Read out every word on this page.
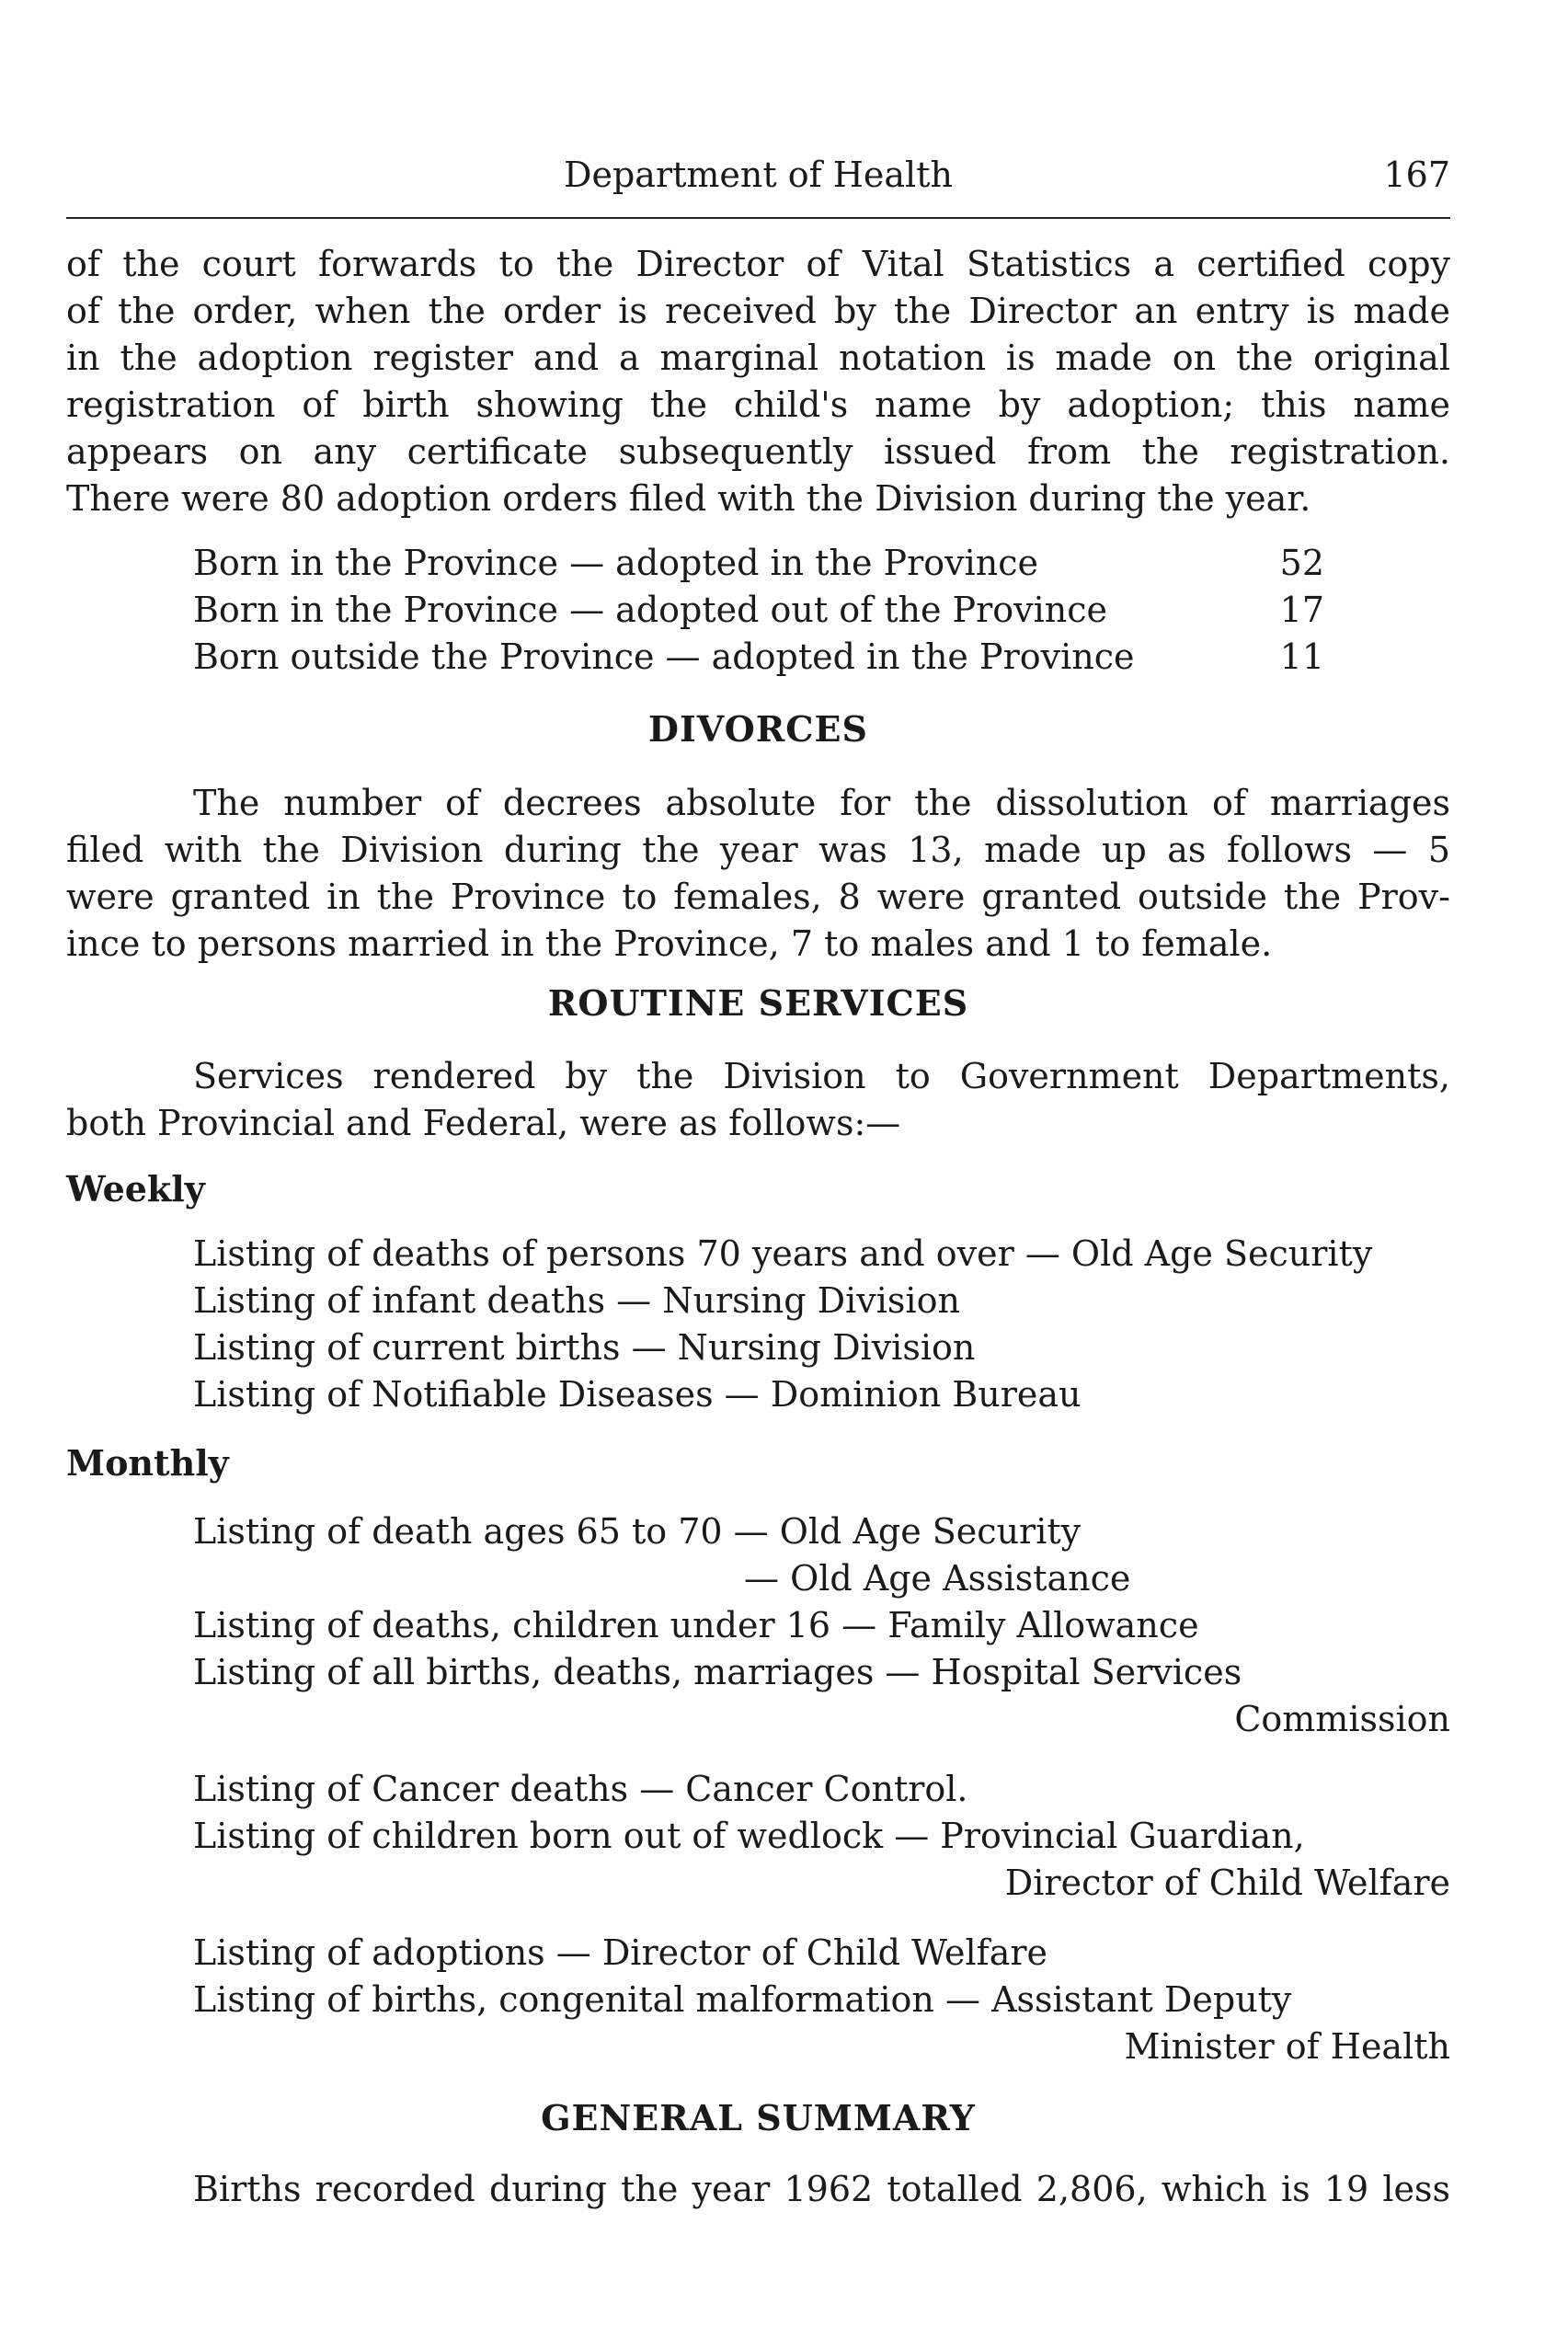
Department of Health	167
of the court forwards to the Director of Vital Statistics a certified copy
of the order, when the order is received by the Director an entry is made
in the adoption register and a marginal notation is made on the original
registration of birth showing the child's name by adoption; this name
appears on any certificate subsequently issued from the registration.
There were 80 adoption orders filed with the Division during the year.
Born in the Province — adopted in the Province	52
Born in the Province — adopted out of the Province	17
Born outside the Province — adopted in the Province	11
DIVORCES
The number of decrees absolute for the dissolution of marriages
filed with the Division during the year was 13, made up as follows — 5
were granted in the Province to females, 8 were granted outside the Prov-
ince to persons married in the Province, 7 to males and 1 to female.
ROUTINE SERVICES
Services rendered by the Division to Government Departments,
both Provincial and Federal, were as follows:—
Weekly
Listing of deaths of persons 70 years and over — Old Age Security
Listing of infant deaths — Nursing Division
Listing of current births — Nursing Division
Listing of Notifiable Diseases — Dominion Bureau
Monthly
Listing of death ages 65 to 70 — Old Age Security
— Old Age Assistance
Listing of deaths, children under 16 — Family Allowance
Listing of all births, deaths, marriages — Hospital Services
Commission
Listing of Cancer deaths — Cancer Control.
Listing of children born out of wedlock — Provincial Guardian,
Director of Child Welfare
Listing of adoptions — Director of Child Welfare
Listing of births, congenital malformation — Assistant Deputy
Minister of Health
GENERAL SUMMARY
Births recorded during the year 1962 totalled 2,806, which is 19 less
